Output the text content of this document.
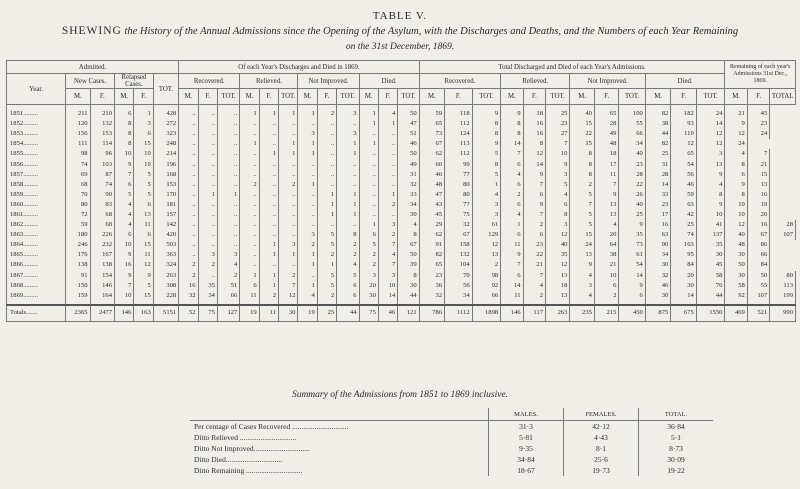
TABLE V.
SHEWING the History of the Annual Admissions since the Opening of the Asylum, with the Discharges and Deaths, and the Numbers of each Year Remaining
on the 31st December, 1869.
Admitted.						Of each Year's Discharges and Died in 1869.												Total Discharged and Died of each Year's Admissions.												Remaining of each year's Admissions 31st Dec., 1869.		
Year.	New Cases.		Relapsed Cases.		TOT.	Recovered.			Relieved.			Not Improved.			Died.			Recovered.			Relieved.			Not Improved.			Died.					
	M.	F.	M.	F.		M.	F.	TOT.	M.	F.	TOT.	M.	F.	TOT.	M.	F.	TOT.	M.	F.	TOT.	M.	F.	TOT.	M.	F.	TOT.	M.	F.	TOT.	M.	F.	TOTAL
1851.........	211	210	6	1	428	..	..	..	1	1	1	1	2	3	1	4	50	59	118	9	9	18	25	40	65	100	82	182	24	21	45	
1852.........	120	132	8	3	272	..	..	..	..	..	..	..	..	..	1	1	47	65	112	8	8	16	23	15	28	55	38	93	14	9	23	
1853.........	156	153	8	6	323	..	..	..	..	..	..	3	..	3	..	..	51	73	124	8	8	16	27	22	49	66	44	110	12	12	24	
1854.........	111	114	8	15	248	..	..	..	1	..	1	1	..	1	1	..	46	67	113	9	14	8	7	15	48	34	82	12	12	24		
1855.........	98	96	10	10	214	..	..	..	..	1	1	1	..	1	..	..	50	62	112	5	7	12	10	8	18	40	25	65	3	4	7	
1856.........	74	103	9	10	196	..	..	..	..	..	..	..	..	..	..	..	49	60	99	8	6	14	9	8	17	23	31	54	13	8	21	
1857.........	69	87	7	5	168	..	..	..	..	..	..	..	..	..	..	..	31	46	77	5	4	9	3	8	11	28	28	56	9	6	15	
1858.........	68	74	6	5	153	..	..	..	2	..	2	1	..	..	..	..	32	48	80	1	6	7	5	2	7	22	14	46	4	9	13	
1859.........	70	90	5	5	170	..	1	1	..	..	..	..	1	1	..	1	33	47	80	4	2	6	4	5	9	26	33	59	8	8	16	
1860.........	80	83	4	6	181	..	..	..	..	..	..	..	1	1	..	2	34	43	77	3	6	9	6	7	13	40	23	63	9	10	19	
1861.........	72	68	4	13	157	..	..	..	..	..	..	..	1	1	..	..	30	45	75	3	4	7	8	5	13	25	17	42	10	10	20	
1862.........	59	68	4	11	142	..	..	..	..	..	..	..	..	..	1	3	4	29	32	61	1	2	3	5	4	9	16	25	41	12	16	28
1863.........	180	226	6	6	420	..	..	..	..	..	..	3	5	8	6	2	8	62	67	129	6	6	12	15	20	35	63	74	137	40	67	107
1864.........	246	232	10	15	503	..	..	..	..	1	3	2	5	2	5	7	67	91	158	12	11	23	40	24	64	73	90	163	35	48	86	
1865.........	176	167	9	11	363	..	3	3	..	1	1	1	2	2	2	4	50	82	132	13	9	22	35	13	38	61	34	95	30	30	66	
1866.........	138	138	16	12	324	2	2	4	..	..	..	1	1	4	2	7	39	65	104	2	7	21	12	9	21	54	30	84	45	50	84	
1867.........	91	154	9	9	263	2	..	2	1	1	2	..	5	5	3	3	8	23	70	98	6	7	13	4	10	14	32	20	58	30	50	80
1868.........	150	146	7	5	308	16	35	51	6	1	7	1	5	6	20	10	30	36	56	92	14	4	18	3	6	9	46	30	76	58	55	113
1869.........	159	164	10	15	228	32	34	66	11	2	12	4	2	6	30	14	44	32	34	66	11	2	13	4	2	6	30	14	44	92	107	199

Totals.......	2365	2477	146	163	5151	52	75	127	19	11	30	19	25	44	75	46	121	786	1112	1898	146	117	263	235	215	450	875	675	1550	469	521	990
Summary of the Admissions from 1851 to 1869 inclusive.
	MALES.	FEMALES.	TOTAL.
Per centage of Cases Recovered ..............................	31·3	42·12	36·84
Ditto Relieved ..............................	5·81	4·43	5·1
Ditto Not Improved..............................	9·35	8·1	8·73
Ditto Died..............................	34·84	25·6	30·09
Ditto Remaining ..............................	18·67	19·73	19·22
